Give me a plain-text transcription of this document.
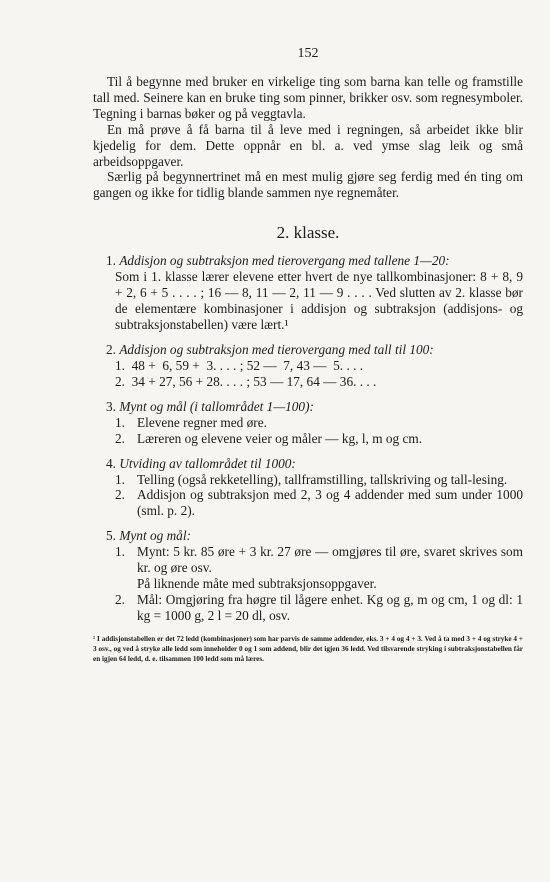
152

Til å begynne med bruker en virkelige ting som barna kan telle og framstille tall med. Seinere kan en bruke ting som pinner, brikker osv. som regnesymboler. Tegning i barnas bøker og på veggtavla.

En må prøve å få barna til å leve med i regningen, så arbeidet ikke blir kjedelig for dem. Dette oppnår en bl. a. ved ymse slag leik og små arbeidsoppgaver.

Særlig på begynnertrinet må en mest mulig gjøre seg ferdig med én ting om gangen og ikke for tidlig blande sammen nye regnemåter.

2. klasse.
1. Addisjon og subtraksjon med tierovergang med tallene 1—20:

Som i 1. klasse lærer elevene etter hvert de nye tallkombinasjoner: 8 + 8, 9 + 2, 6 + 5 . . . . ; 16 — 8, 11 — 2, 11 — 9 . . . . Ved slutten av 2. klasse bør de elementære kombinasjoner i addisjon og subtraksjon (addisjons- og subtraksjonstabellen) være lært.¹

2. Addisjon og subtraksjon med tierovergang med tall til 100:

1.  48 +  6, 59 +  3. . . . ; 52 —  7, 43 —  5. . . .

2.  34 + 27, 56 + 28. . . . ; 53 — 17, 64 — 36. . . .

3. Mynt og mål (i tallområdet 1—100):
1. Elevene regner med øre.
2. Læreren og elevene veier og måler — kg, l, m og cm.
4. Utviding av tallområdet til 1000:
1. Telling (også rekketelling), tallframstilling, tallskriving og tall-lesing.
2. Addisjon og subtraksjon med 2, 3 og 4 addender med sum under 1000 (sml. p. 2).
5. Mynt og mål:
1. Mynt: 5 kr. 85 øre + 3 kr. 27 øre — omgjøres til øre, svaret skrives som kr. og øre osv.
På liknende måte med subtraksjonsoppgaver.
2. Mål: Omgjøring fra høgre til lågere enhet. Kg og g, m og cm, 1 og dl: 1 kg = 1000 g, 2 l = 20 dl, osv.

¹ I addisjonstabellen er det 72 ledd (kombinasjoner) som har parvis de samme addender, eks. 3 + 4 og 4 + 3. Ved å ta med 3 + 4 og strykе 4 + 3 osv., og ved å stryke alle ledd som inneholder 0 og 1 som addend, blir det igjen 36 ledd. Ved tilsvarende stryking i subtraksjonstabellen får en igjen 64 ledd, d. e. tilsammen 100 ledd som må læres.
